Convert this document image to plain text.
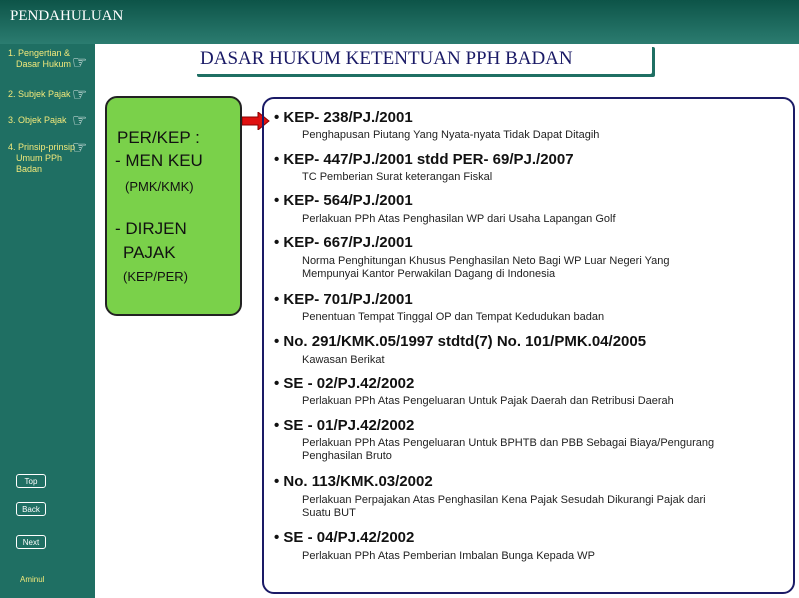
PENDAHULUAN
1. Pengertian &
Dasar Hukum ☞
2. Subjek Pajak ☞
3. Objek Pajak ☞
4. Prinsip-prinsip
Umum PPh
Badan
☞
DASAR HUKUM KETENTUAN PPH BADAN
PER/KEP :
- MEN KEU
(PMK/KMK)
- DIRJEN
PAJAK
(KEP/PER)
• KEP- 238/PJ./2001
Penghapusan Piutang Yang Nyata-nyata Tidak Dapat Ditagih
• KEP- 447/PJ./2001 stdd PER- 69/PJ./2007
TC Pemberian Surat keterangan Fiskal
• KEP- 564/PJ./2001
Perlakuan PPh Atas Penghasilan WP dari Usaha Lapangan Golf
• KEP- 667/PJ./2001
Norma Penghitungan Khusus Penghasilan Neto Bagi WP Luar Negeri Yang
Mempunyai Kantor Perwakilan Dagang di Indonesia
• KEP- 701/PJ./2001
Penentuan Tempat Tinggal OP dan Tempat Kedudukan badan
• No. 291/KMK.05/1997 stdtd(7) No. 101/PMK.04/2005
Kawasan Berikat
• SE - 02/PJ.42/2002
Perlakuan PPh Atas Pengeluaran Untuk Pajak Daerah dan Retribusi Daerah
• SE - 01/PJ.42/2002
Perlakuan PPh Atas Pengeluaran Untuk BPHTB dan PBB Sebagai Biaya/Pengurang
Penghasilan Bruto
• No. 113/KMK.03/2002
Perlakuan Perpajakan Atas Penghasilan Kena Pajak Sesudah Dikurangi Pajak dari
Suatu BUT
• SE - 04/PJ.42/2002
Perlakuan PPh Atas Pemberian Imbalan Bunga Kepada WP
Top
Back
Next
Aminul
